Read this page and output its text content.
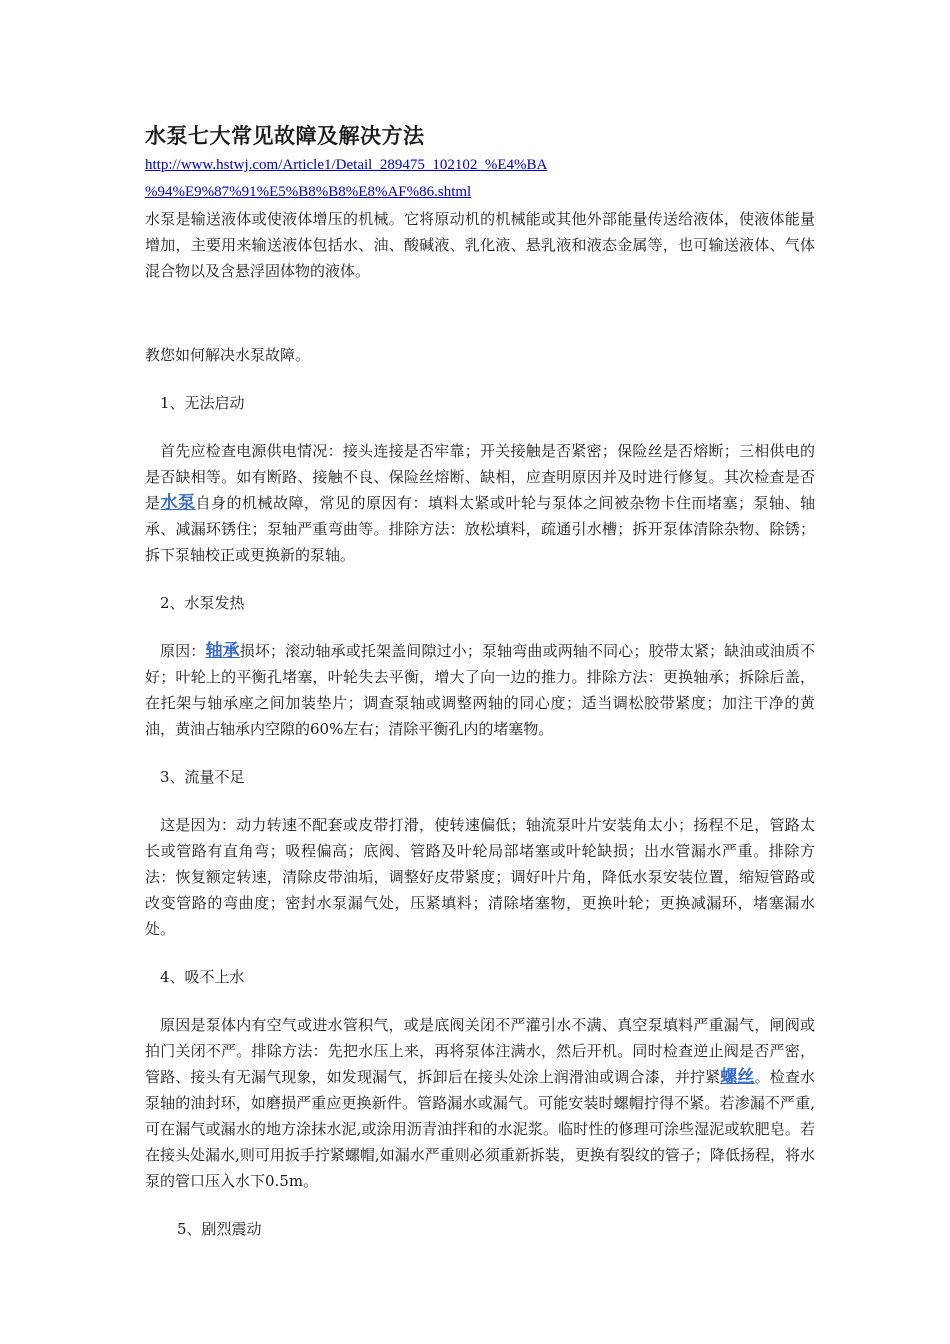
水泵七大常见故障及解决方法
http://www.hstwj.com/Article1/Detail_289475_102102_%E4%BA
%94%E9%87%91%E5%B8%B8%E8%AF%86.shtml

水泵是输送液体或使液体增压的机械。它将原动机的机械能或其他外部能量传送给液体，使液体能量增加，主要用来输送液体包括水、油、酸碱液、乳化液、悬乳液和液态金属等，也可输送液体、气体混合物以及含悬浮固体物的液体。

教您如何解决水泵故障。

1、无法启动

首先应检查电源供电情况：接头连接是否牢靠；开关接触是否紧密；保险丝是否熔断；三相供电的是否缺相等。如有断路、接触不良、保险丝熔断、缺相，应查明原因并及时进行修复。其次检查是否是水泵自身的机械故障，常见的原因有：填料太紧或叶轮与泵体之间被杂物卡住而堵塞；泵轴、轴承、减漏环锈住；泵轴严重弯曲等。排除方法：放松填料，疏通引水槽；拆开泵体清除杂物、除锈；拆下泵轴校正或更换新的泵轴。

2、水泵发热

原因：轴承损坏；滚动轴承或托架盖间隙过小；泵轴弯曲或两轴不同心；胶带太紧；缺油或油质不好；叶轮上的平衡孔堵塞，叶轮失去平衡，增大了向一边的推力。排除方法：更换轴承；拆除后盖，在托架与轴承座之间加装垫片；调查泵轴或调整两轴的同心度；适当调松胶带紧度；加注干净的黄油，黄油占轴承内空隙的60%左右；清除平衡孔内的堵塞物。

3、流量不足

这是因为：动力转速不配套或皮带打滑，使转速偏低；轴流泵叶片安装角太小；扬程不足，管路太长或管路有直角弯；吸程偏高；底阀、管路及叶轮局部堵塞或叶轮缺损；出水管漏水严重。排除方法：恢复额定转速，清除皮带油垢，调整好皮带紧度；调好叶片角，降低水泵安装位置，缩短管路或改变管路的弯曲度；密封水泵漏气处，压紧填料；清除堵塞物，更换叶轮；更换减漏环，堵塞漏水处。

4、吸不上水

原因是泵体内有空气或进水管积气，或是底阀关闭不严灌引水不满、真空泵填料严重漏气，闸阀或拍门关闭不严。排除方法：先把水压上来，再将泵体注满水，然后开机。同时检查逆止阀是否严密，管路、接头有无漏气现象，如发现漏气，拆卸后在接头处涂上润滑油或调合漆，并拧紧螺丝。检查水泵轴的油封环，如磨损严重应更换新件。管路漏水或漏气。可能安装时螺帽拧得不紧。若渗漏不严重,可在漏气或漏水的地方涂抹水泥,或涂用沥青油拌和的水泥浆。临时性的修理可涂些湿泥或软肥皂。若在接头处漏水,则可用扳手拧紧螺帽,如漏水严重则必须重新拆装，更换有裂纹的管子；降低扬程，将水泵的管口压入水下0.5m。

5、剧烈震动
